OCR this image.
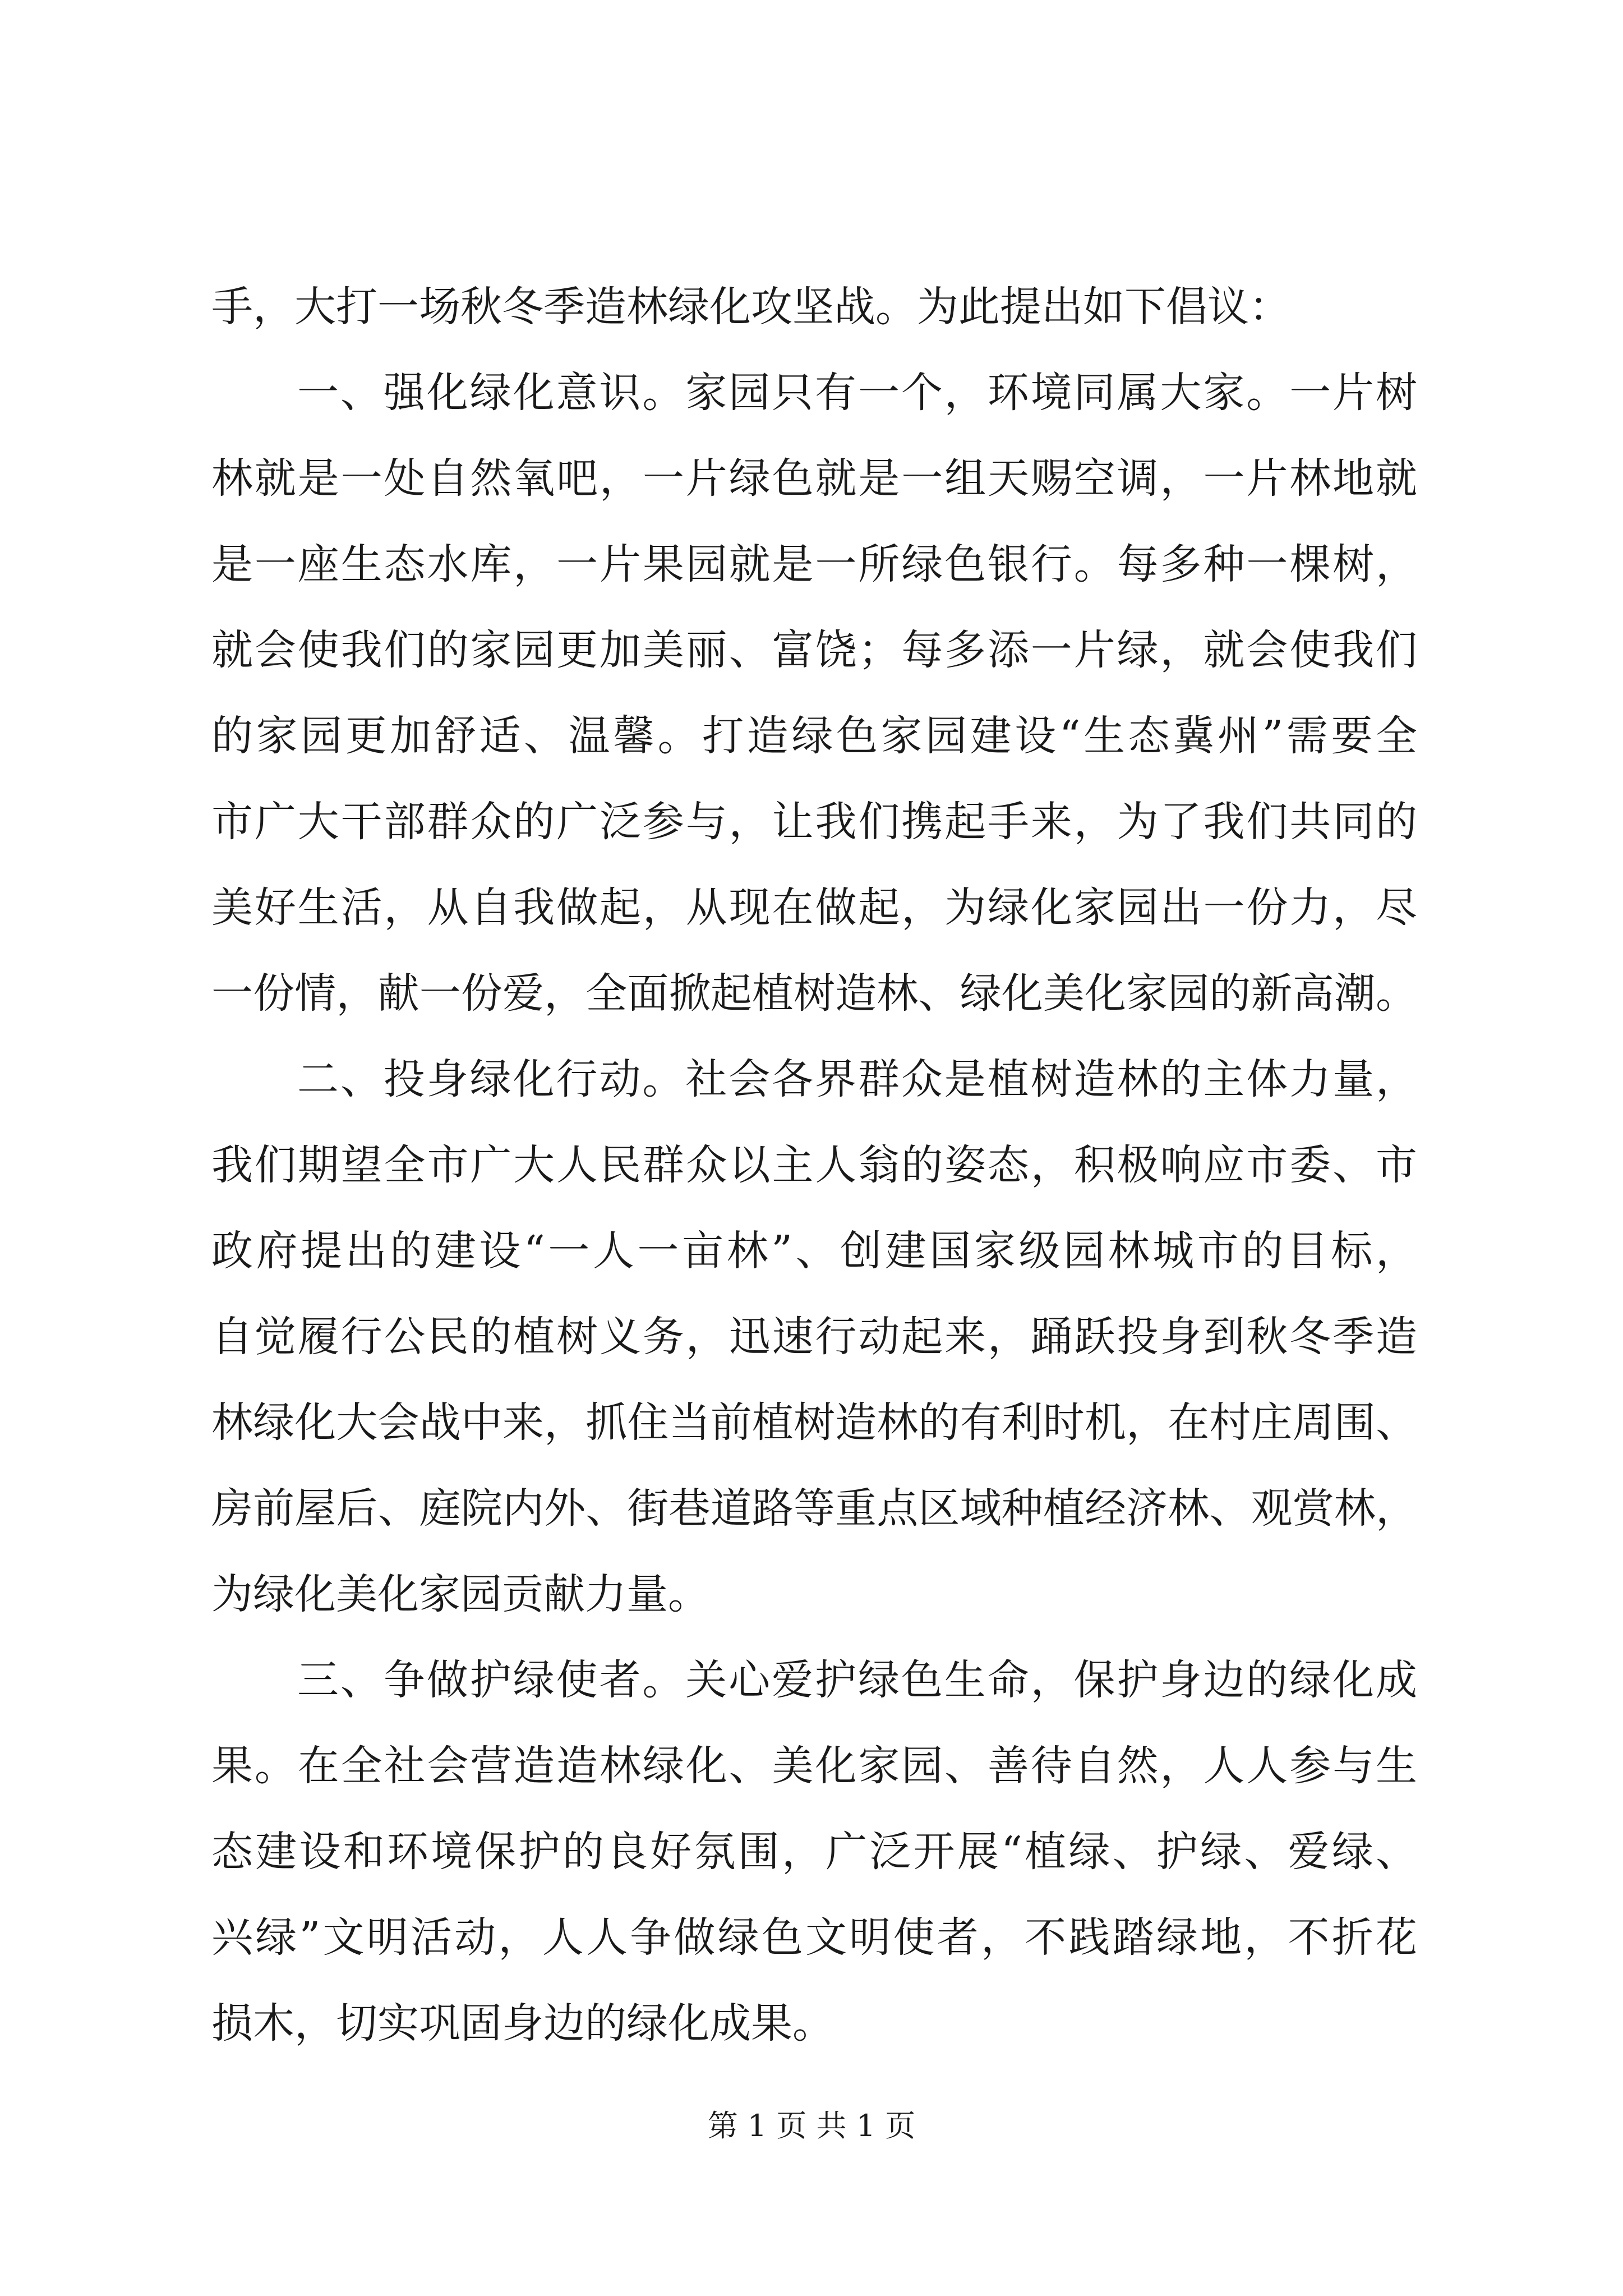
手，大打一场秋冬季造林绿化攻坚战。为此提出如下倡议：
一、强化绿化意识。家园只有一个，环境同属大家。一片树
林就是一处自然氧吧，一片绿色就是一组天赐空调，一片林地就
是一座生态水库，一片果园就是一所绿色银行。每多种一棵树，
就会使我们的家园更加美丽、富饶；每多添一片绿，就会使我们
的家园更加舒适、温馨。打造绿色家园建设“生态冀州”需要全
市广大干部群众的广泛参与，让我们携起手来，为了我们共同的
美好生活，从自我做起，从现在做起，为绿化家园出一份力，尽
一份情，献一份爱，全面掀起植树造林、绿化美化家园的新高潮。
二、投身绿化行动。社会各界群众是植树造林的主体力量，
我们期望全市广大人民群众以主人翁的姿态，积极响应市委、市
政府提出的建设“一人一亩林”、创建国家级园林城市的目标，
自觉履行公民的植树义务，迅速行动起来，踊跃投身到秋冬季造
林绿化大会战中来，抓住当前植树造林的有利时机，在村庄周围、
房前屋后、庭院内外、街巷道路等重点区域种植经济林、观赏林，
为绿化美化家园贡献力量。
三、争做护绿使者。关心爱护绿色生命，保护身边的绿化成
果。在全社会营造造林绿化、美化家园、善待自然，人人参与生
态建设和环境保护的良好氛围，广泛开展“植绿、护绿、爱绿、
兴绿”文明活动，人人争做绿色文明使者，不践踏绿地，不折花
损木，切实巩固身边的绿化成果。
第 1 页 共 1 页
